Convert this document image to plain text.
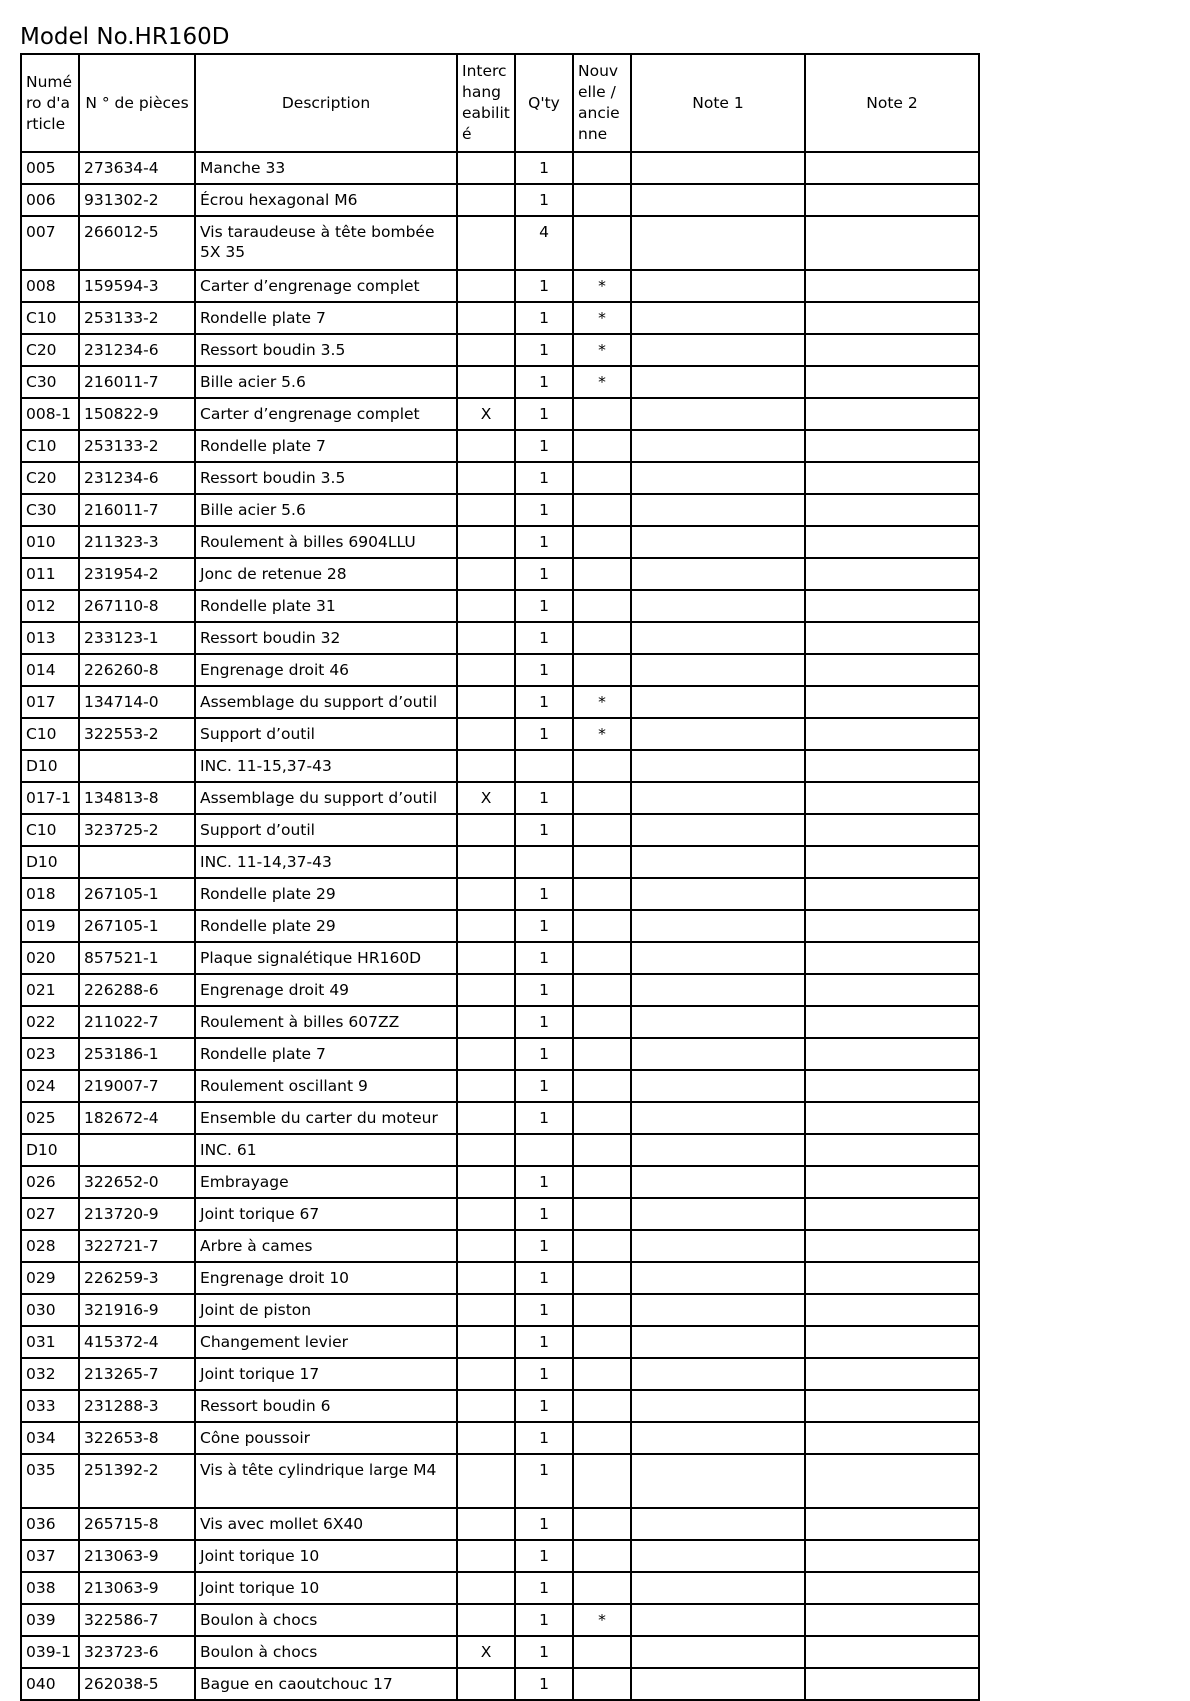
Model No.HR160D
Numé ro d'a rticle	N ° de pièces	Description	Interc hang eabilit é	Q'ty	Nouv elle / ancie nne	Note 1	Note 2
005	273634-4	Manche 33		1			
006	931302-2	Écrou hexagonal M6		1			
007	266012-5	Vis taraudeuse à tête bombée 5X 35		4			
008	159594-3	Carter d’engrenage complet		1	*		
C10	253133-2	Rondelle plate 7		1	*		
C20	231234-6	Ressort boudin 3.5		1	*		
C30	216011-7	Bille acier 5.6		1	*		
008-1	150822-9	Carter d’engrenage complet	X	1			
C10	253133-2	Rondelle plate 7		1			
C20	231234-6	Ressort boudin 3.5		1			
C30	216011-7	Bille acier 5.6		1			
010	211323-3	Roulement à billes 6904LLU		1			
011	231954-2	Jonc de retenue 28		1			
012	267110-8	Rondelle plate 31		1			
013	233123-1	Ressort boudin 32		1			
014	226260-8	Engrenage droit 46		1			
017	134714-0	Assemblage du support d’outil		1	*		
C10	322553-2	Support d’outil		1	*		
D10		INC. 11-15,37-43					
017-1	134813-8	Assemblage du support d’outil	X	1			
C10	323725-2	Support d’outil		1			
D10		INC. 11-14,37-43					
018	267105-1	Rondelle plate 29		1			
019	267105-1	Rondelle plate 29		1			
020	857521-1	Plaque signalétique HR160D		1			
021	226288-6	Engrenage droit 49		1			
022	211022-7	Roulement à billes 607ZZ		1			
023	253186-1	Rondelle plate 7		1			
024	219007-7	Roulement oscillant 9		1			
025	182672-4	Ensemble du carter du moteur		1			
D10		INC. 61					
026	322652-0	Embrayage		1			
027	213720-9	Joint torique 67		1			
028	322721-7	Arbre à cames		1			
029	226259-3	Engrenage droit 10		1			
030	321916-9	Joint de piston		1			
031	415372-4	Changement levier		1			
032	213265-7	Joint torique 17		1			
033	231288-3	Ressort boudin 6		1			
034	322653-8	Cône poussoir		1			
035	251392-2	Vis à tête cylindrique large M4		1			
036	265715-8	Vis avec mollet 6X40		1			
037	213063-9	Joint torique 10		1			
038	213063-9	Joint torique 10		1			
039	322586-7	Boulon à chocs		1	*		
039-1	323723-6	Boulon à chocs	X	1			
040	262038-5	Bague en caoutchouc 17		1			
